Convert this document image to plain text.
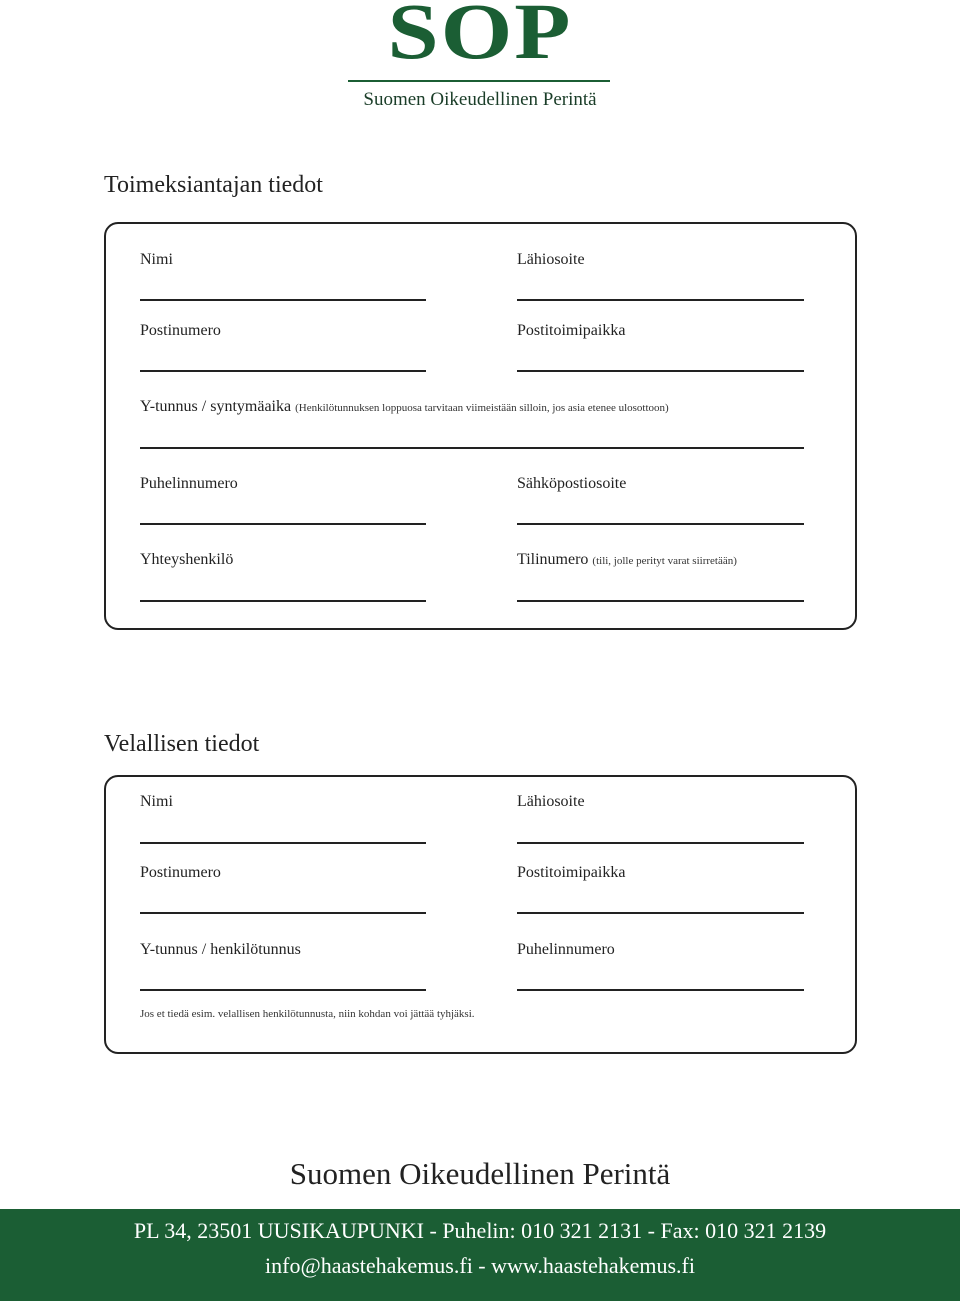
SOP
Suomen Oikeudellinen Perintä
Toimeksiantajan tiedot
Nimi	Lähiosoite
Postinumero	Postitoimipaikka
Y-tunnus / syntymäaika (Henkilötunnuksen loppuosa tarvitaan viimeistään silloin, jos asia etenee ulosottoon)
Puhelinnumero	Sähköpostiosoite
Yhteyshenkilö	Tilinumero (tili, jolle perityt varat siirretään)
Velallisen tiedot
Nimi	Lähiosoite
Postinumero	Postitoimipaikka
Y-tunnus / henkilötunnus	Puhelinnumero
Jos et tiedä esim. velallisen henkilötunnusta, niin kohdan voi jättää tyhjäksi.
Suomen Oikeudellinen Perintä
PL 34, 23501 UUSIKAUPUNKI - Puhelin: 010 321 2131 - Fax: 010 321 2139
info@haastehakemus.fi - www.haastehakemus.fi
